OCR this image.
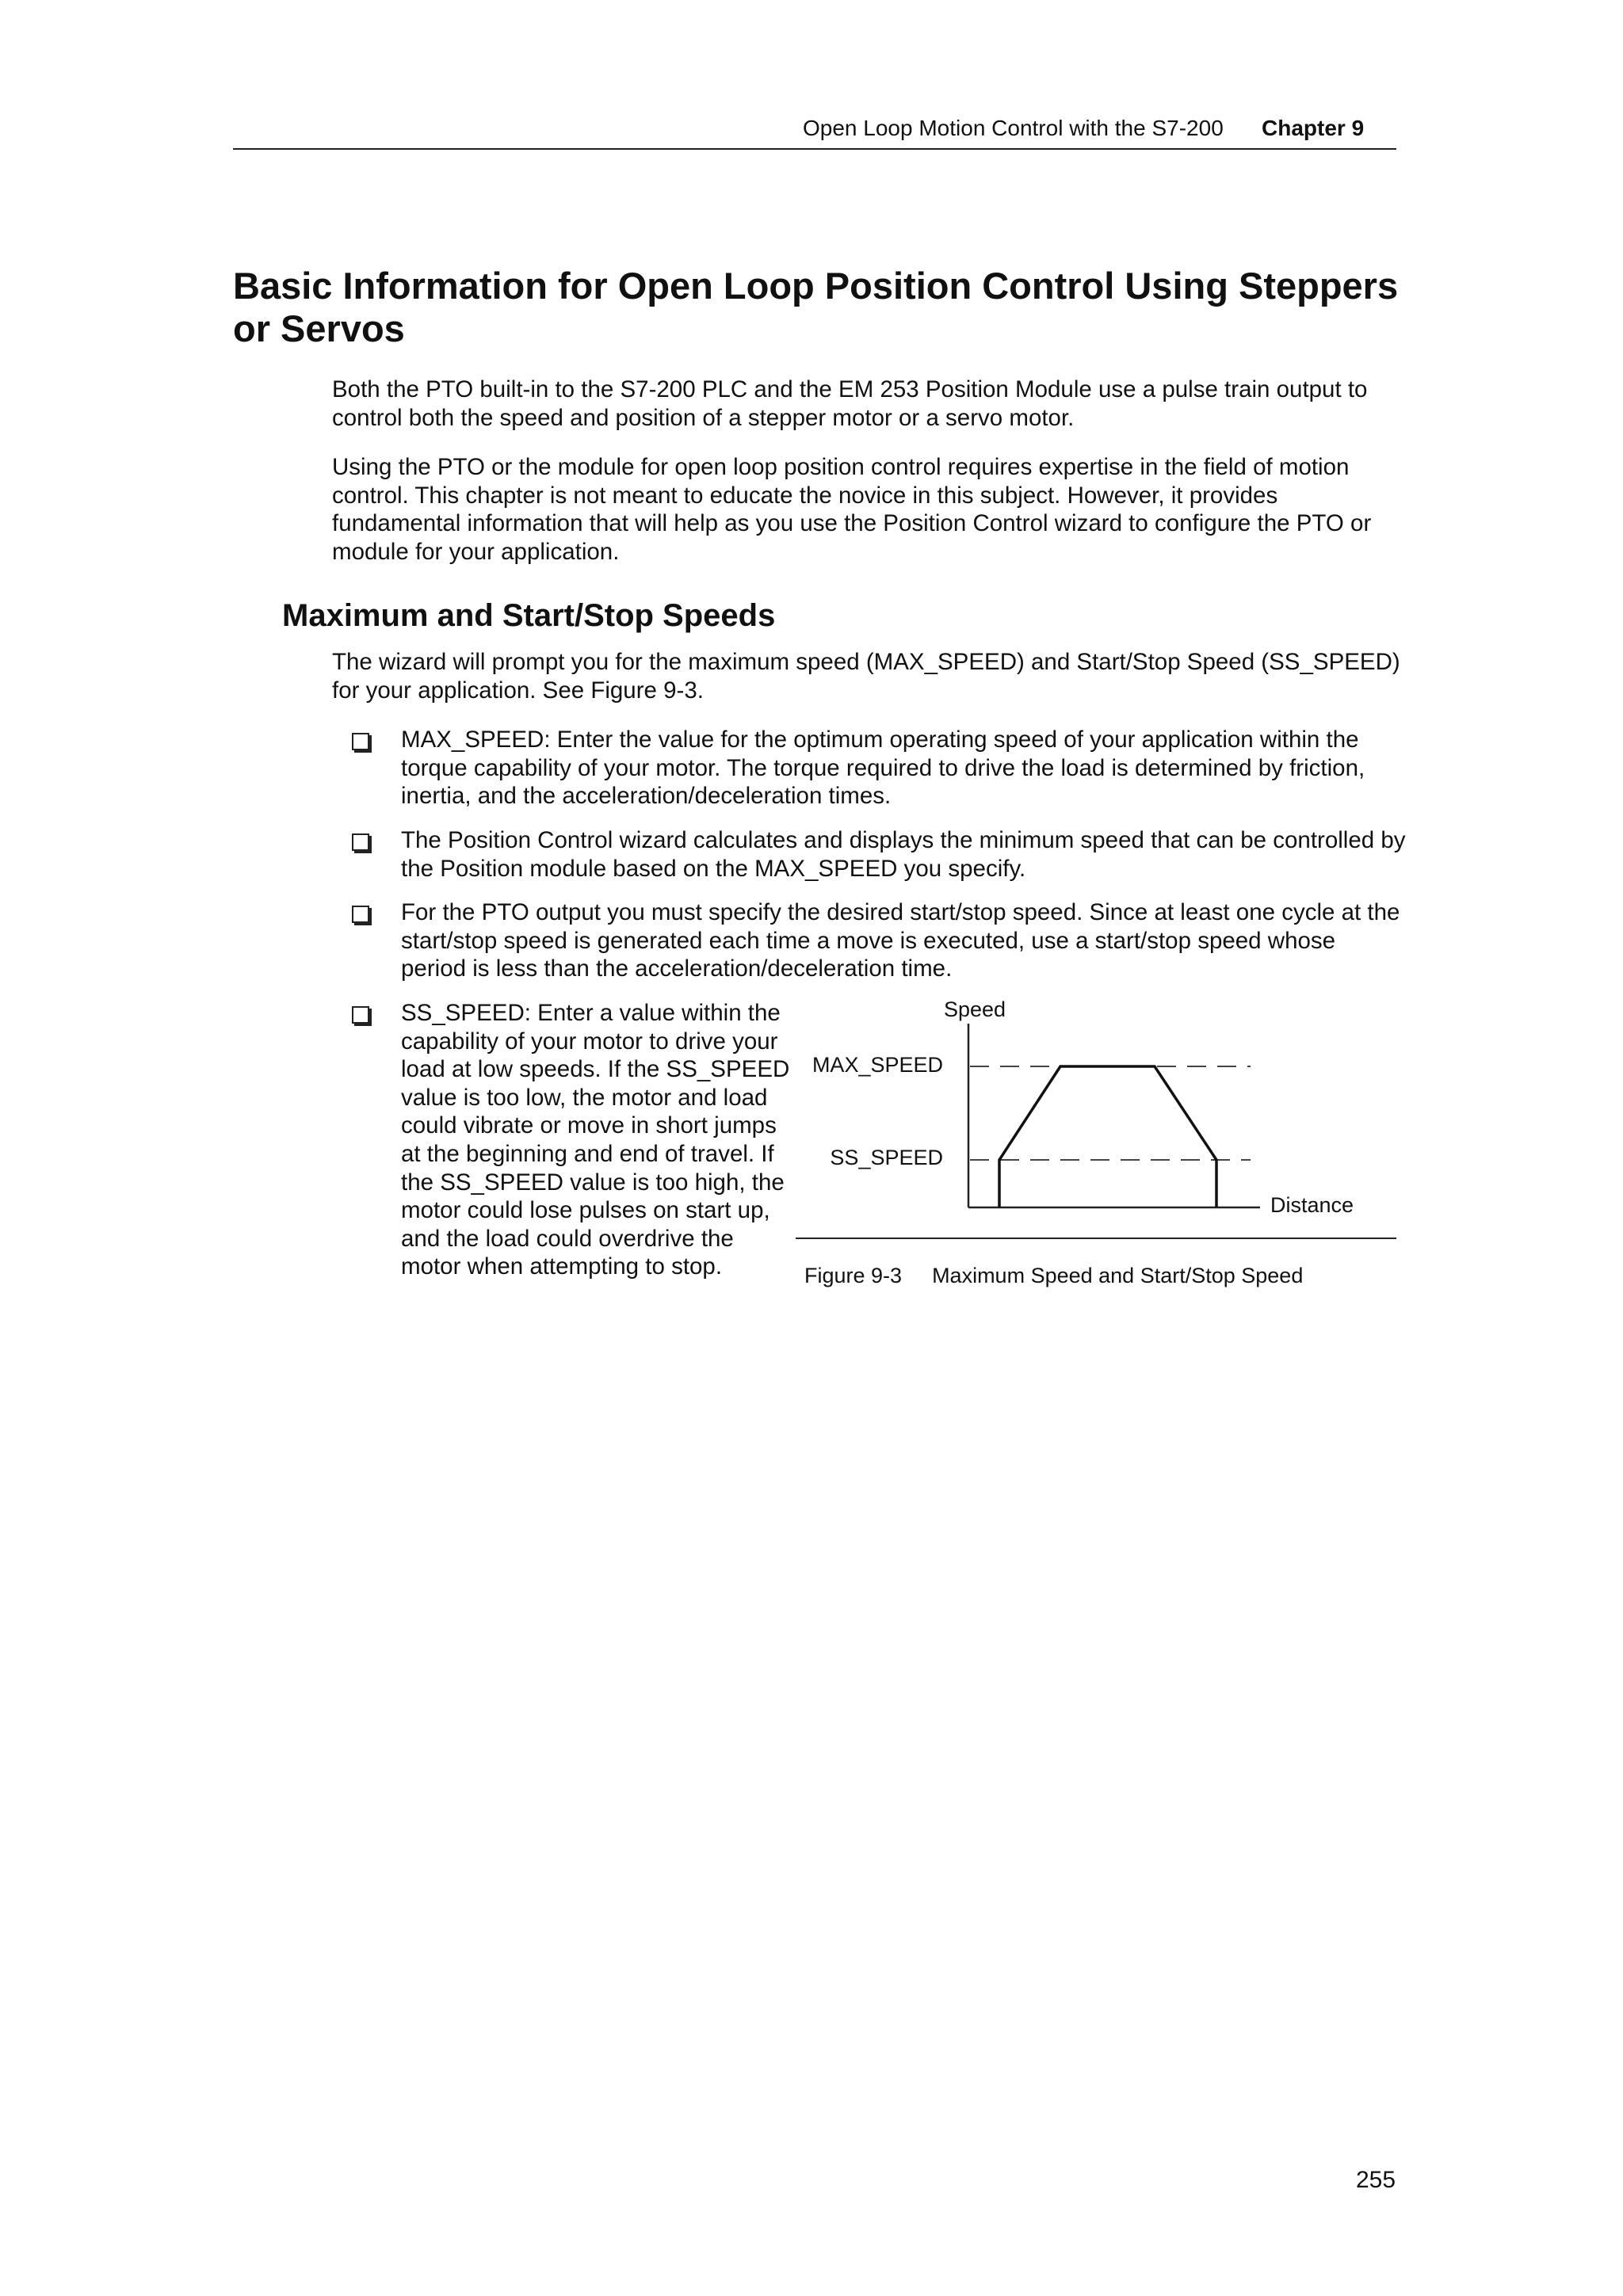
Open Loop Motion Control with the S7-200 Chapter 9
Basic Information for Open Loop Position Control Using Steppers or Servos
Both the PTO built-in to the S7-200 PLC and the EM 253 Position Module use a pulse train output to control both the speed and position of a stepper motor or a servo motor.
Using the PTO or the module for open loop position control requires expertise in the field of motion control. This chapter is not meant to educate the novice in this subject. However, it provides fundamental information that will help as you use the Position Control wizard to configure the PTO or module for your application.
Maximum and Start/Stop Speeds
The wizard will prompt you for the maximum speed (MAX_SPEED) and Start/Stop Speed (SS_SPEED) for your application. See Figure 9-3.
MAX_SPEED: Enter the value for the optimum operating speed of your application within the torque capability of your motor. The torque required to drive the load is determined by friction, inertia, and the acceleration/deceleration times.
The Position Control wizard calculates and displays the minimum speed that can be controlled by the Position module based on the MAX_SPEED you specify.
For the PTO output you must specify the desired start/stop speed. Since at least one cycle at the start/stop speed is generated each time a move is executed, use a start/stop speed whose period is less than the acceleration/deceleration time.
SS_SPEED: Enter a value within the capability of your motor to drive your load at low speeds. If the SS_SPEED value is too low, the motor and load could vibrate or move in short jumps at the beginning and end of travel. If the SS_SPEED value is too high, the motor could lose pulses on start up, and the load could overdrive the motor when attempting to stop.
Speed
MAX_SPEED
SS_SPEED
Distance
Figure 9-3 Maximum Speed and Start/Stop Speed
255
